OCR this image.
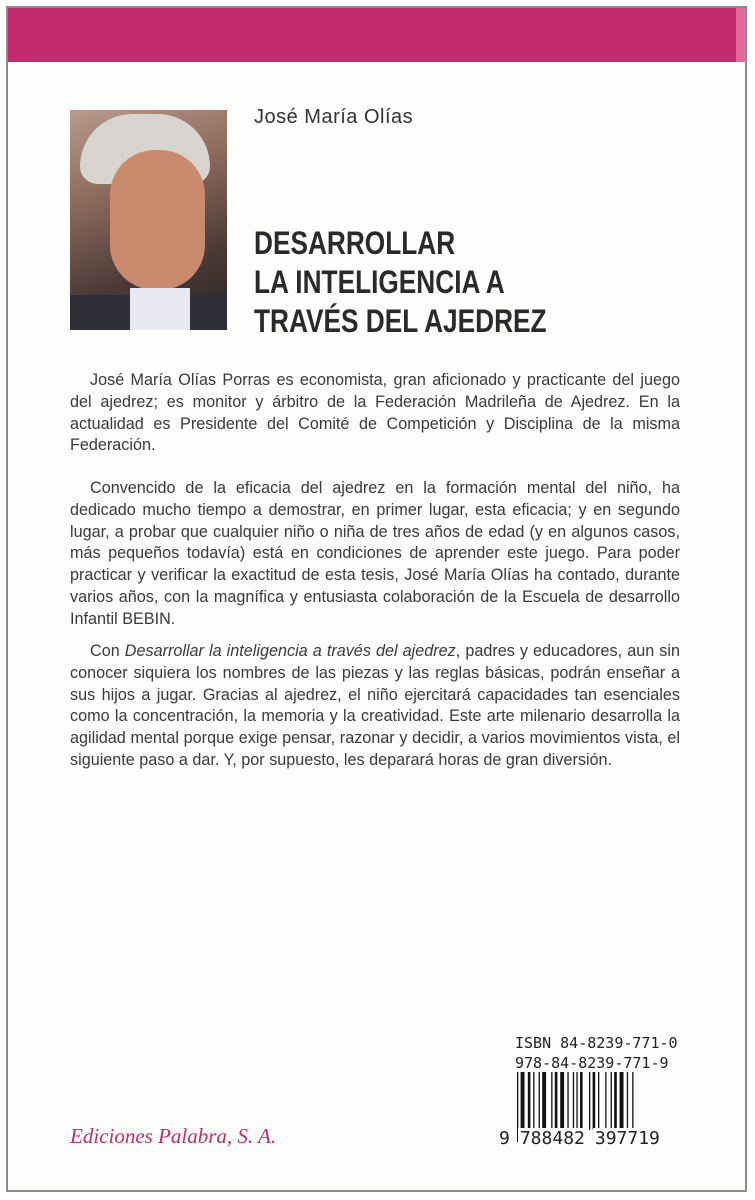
José María Olías
DESARROLLAR
LA INTELIGENCIA A
TRAVÉS DEL AJEDREZ

José María Olías Porras es economista, gran aficionado y practicante del juego del ajedrez; es monitor y árbitro de la Federación Madrileña de Ajedrez. En la actualidad es Presidente del Comité de Competición y Disciplina de la misma Federación.

Convencido de la eficacia del ajedrez en la formación mental del niño, ha dedicado mucho tiempo a demostrar, en primer lugar, esta eficacia; y en segundo lugar, a probar que cualquier niño o niña de tres años de edad (y en algunos casos, más pequeños todavía) está en condiciones de aprender este juego. Para poder practicar y verificar la exactitud de esta tesis, José María Olías ha contado, durante varios años, con la magnífica y entusiasta colaboración de la Escuela de desarrollo Infantil BEBIN.

Con Desarrollar la inteligencia a través del ajedrez, padres y educadores, aun sin conocer siquiera los nombres de las piezas y las reglas básicas, podrán enseñar a sus hijos a jugar. Gracias al ajedrez, el niño ejercitará capacidades tan esenciales como la concentración, la memoria y la creatividad. Este arte milenario desarrolla la agilidad mental porque exige pensar, razonar y decidir, a varios movimientos vista, el siguiente paso a dar. Y, por supuesto, les deparará horas de gran diversión.

ISBN 84-8239-771-0
978-84-8239-771-9
9 788482 397719
Ediciones Palabra, S. A.
